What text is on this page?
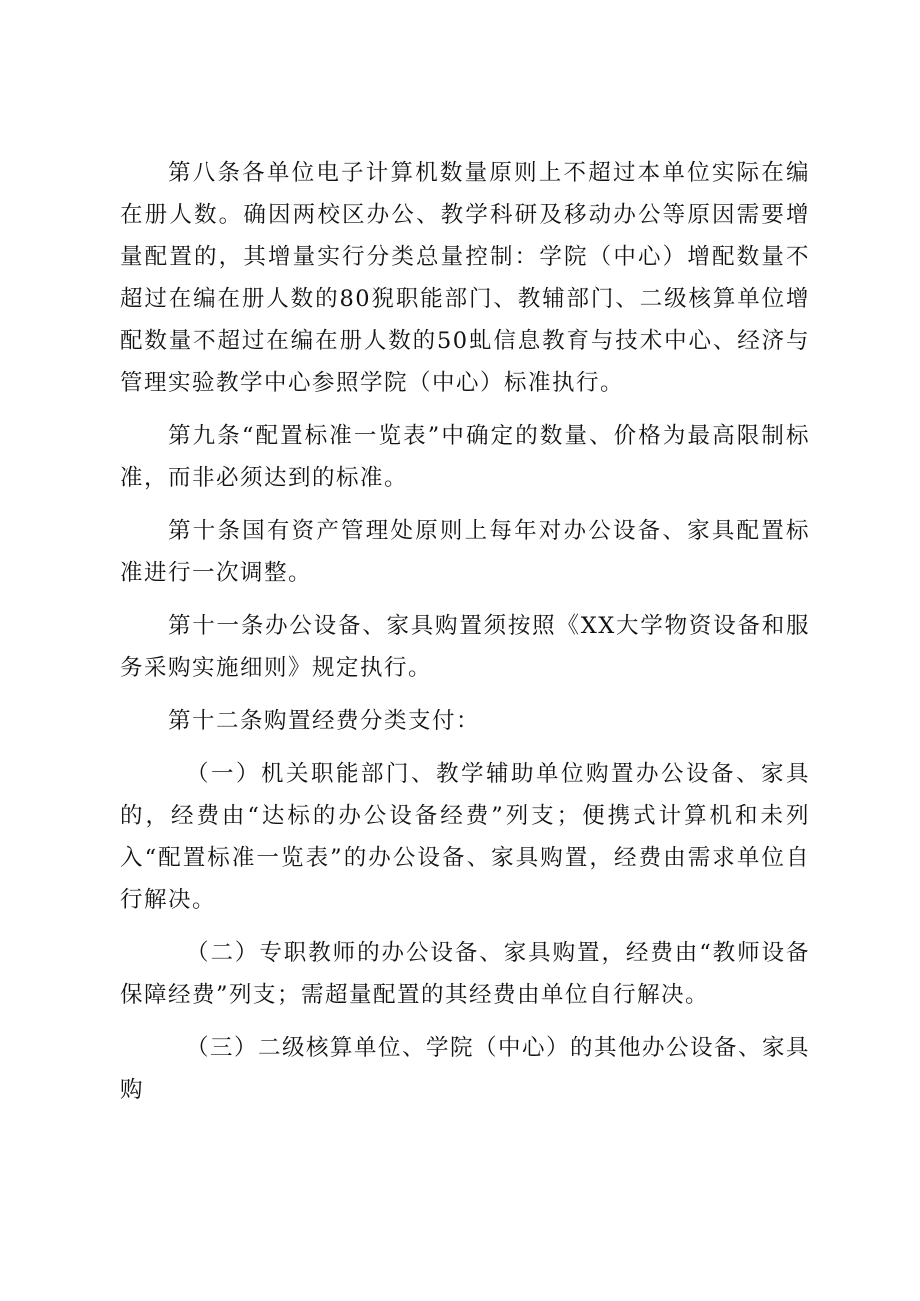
第八条各单位电子计算机数量原则上不超过本单位实际在编在册人数。确因两校区办公、教学科研及移动办公等原因需要增量配置的，其增量实行分类总量控制：学院（中心）增配数量不超过在编在册人数的80猊职能部门、教辅部门、二级核算单位增配数量不超过在编在册人数的50虬信息教育与技术中心、经济与管理实验教学中心参照学院（中心）标准执行。

第九条“配置标准一览表”中确定的数量、价格为最高限制标准，而非必须达到的标准。

第十条国有资产管理处原则上每年对办公设备、家具配置标准进行一次调整。

第十一条办公设备、家具购置须按照《XX大学物资设备和服务采购实施细则》规定执行。

第十二条购置经费分类支付：

（一）机关职能部门、教学辅助单位购置办公设备、家具的，经费由“达标的办公设备经费”列支；便携式计算机和未列入“配置标准一览表”的办公设备、家具购置，经费由需求单位自行解决。

（二）专职教师的办公设备、家具购置，经费由“教师设备保障经费”列支；需超量配置的其经费由单位自行解决。

（三）二级核算单位、学院（中心）的其他办公设备、家具购
